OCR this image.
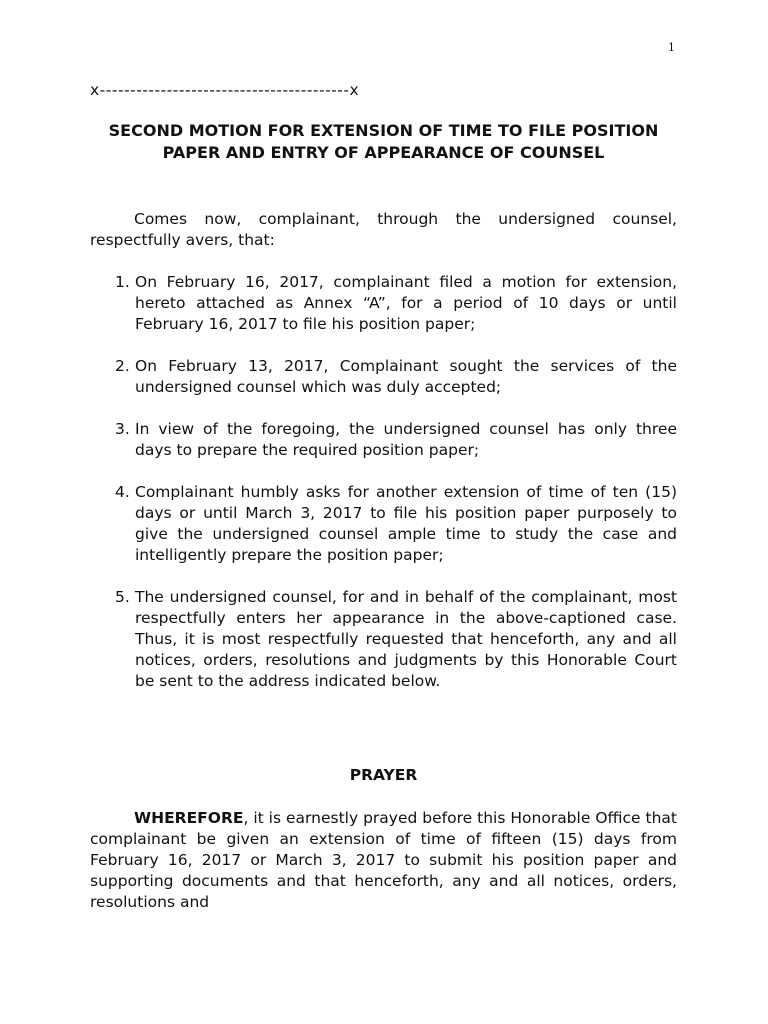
1
x-----------------------------------------x
SECOND MOTION FOR EXTENSION OF TIME TO FILE POSITION PAPER AND ENTRY OF APPEARANCE OF COUNSEL

Comes now, complainant, through the undersigned counsel, respectfully avers, that:

1. On February 16, 2017, complainant filed a motion for extension, hereto attached as Annex “A”, for a period of 10 days or until February 16, 2017 to file his position paper;
2. On February 13, 2017, Complainant sought the services of the undersigned counsel which was duly accepted;
3. In view of the foregoing, the undersigned counsel has only three days to prepare the required position paper;
4. Complainant humbly asks for another extension of time of ten (15) days or until March 3, 2017 to file his position paper purposely to give the undersigned counsel ample time to study the case and intelligently prepare the position paper;
5. The undersigned counsel, for and in behalf of the complainant, most respectfully enters her appearance in the above-captioned case. Thus, it is most respectfully requested that henceforth, any and all notices, orders, resolutions and judgments by this Honorable Court be sent to the address indicated below.
PRAYER

WHEREFORE, it is earnestly prayed before this Honorable Office that complainant be given an extension of time of fifteen (15) days from February 16, 2017 or March 3, 2017 to submit his position paper and supporting documents and that henceforth, any and all notices, orders, resolutions and
